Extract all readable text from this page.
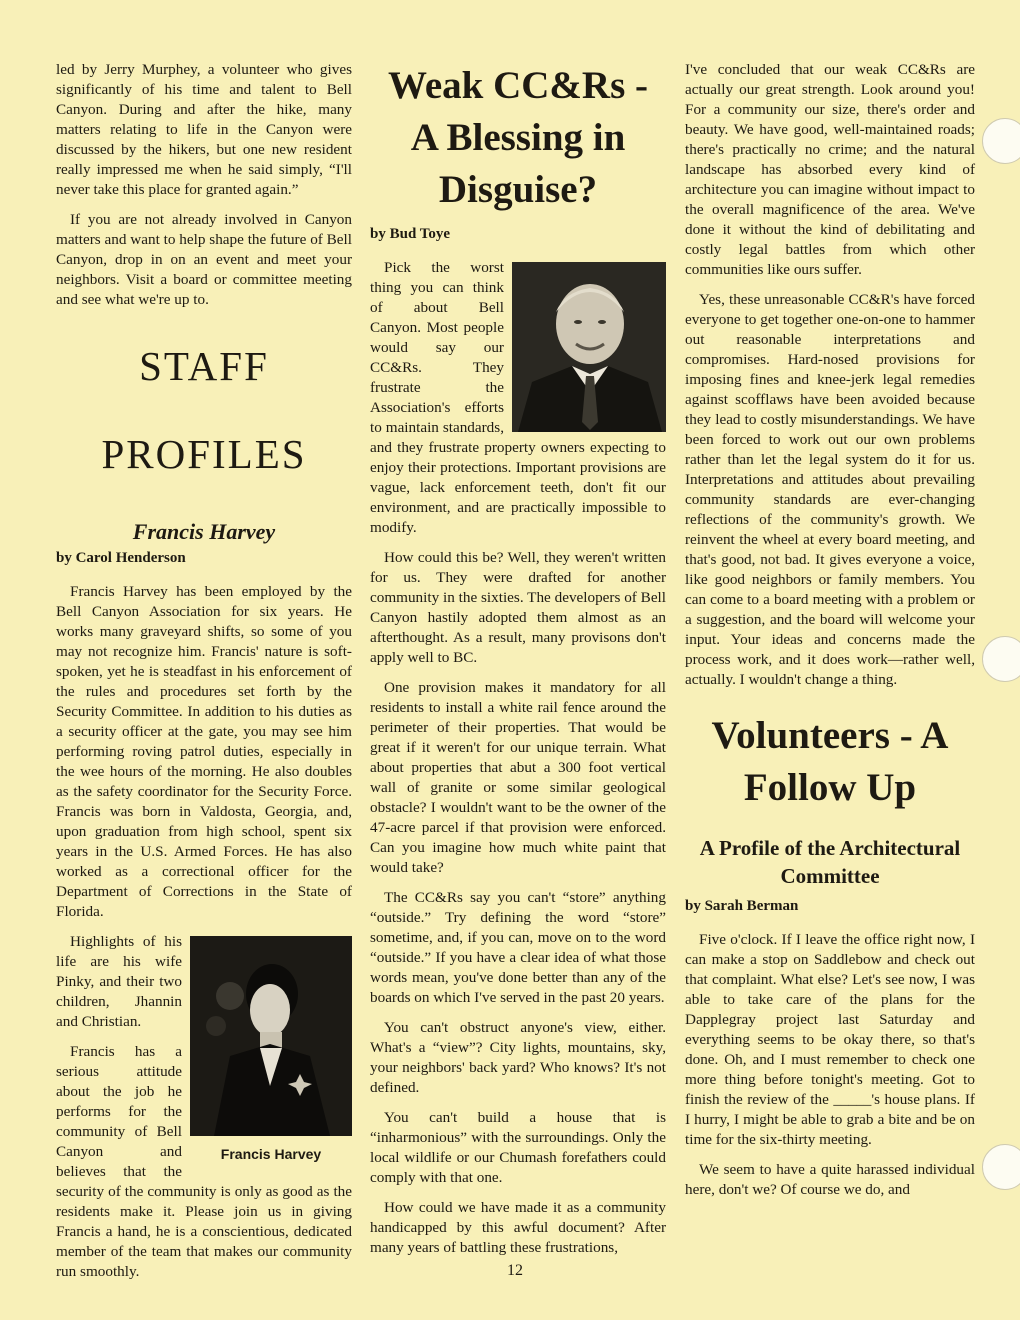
led by Jerry Murphey, a volunteer who gives significantly of his time and talent to Bell Canyon. During and after the hike, many matters relating to life in the Canyon were discussed by the hikers, but one new resident really impressed me when he said simply, “I'll never take this place for granted again.”

If you are not already involved in Canyon matters and want to help shape the future of Bell Canyon, drop in on an event and meet your neighbors. Visit a board or committee meeting and see what we're up to.

STAFF
PROFILES
Francis Harvey
by Carol Henderson

Francis Harvey has been employed by the Bell Canyon Association for six years. He works many graveyard shifts, so some of you may not recognize him. Francis' nature is soft-spoken, yet he is steadfast in his enforcement of the rules and procedures set forth by the Security Committee. In addition to his duties as a security officer at the gate, you may see him performing roving patrol duties, especially in the wee hours of the morning. He also doubles as the safety coordinator for the Security Force. Francis was born in Valdosta, Georgia, and, upon graduation from high school, spent six years in the U.S. Armed Forces. He has also worked as a correctional officer for the Department of Corrections in the State of Florida.

Francis Harvey

Highlights of his life are his wife Pinky, and their two children, Jhannin and Christian.

Francis has a serious attitude about the job he performs for the community of Bell Canyon and believes that the security of the community is only as good as the residents make it. Please join us in giving Francis a hand, he is a conscientious, dedicated member of the team that makes our community run smoothly.

Weak CC&Rs -
A Blessing in
Disguise?
by Bud Toye

Pick the worst thing you can think of about Bell Canyon. Most people would say our CC&Rs. They frustrate the Association's efforts to maintain standards, and they frustrate property owners expecting to enjoy their protections. Important provisions are vague, lack enforcement teeth, don't fit our environment, and are practically impossible to modify.

How could this be? Well, they weren't written for us. They were drafted for another community in the sixties. The developers of Bell Canyon hastily adopted them almost as an afterthought. As a result, many provisons don't apply well to BC.

One provision makes it mandatory for all residents to install a white rail fence around the perimeter of their properties. That would be great if it weren't for our unique terrain. What about properties that abut a 300 foot vertical wall of granite or some similar geological obstacle? I wouldn't want to be the owner of the 47-acre parcel if that provision were enforced. Can you imagine how much white paint that would take?

The CC&Rs say you can't “store” anything “outside.” Try defining the word “store” sometime, and, if you can, move on to the word “outside.” If you have a clear idea of what those words mean, you've done better than any of the boards on which I've served in the past 20 years.

You can't obstruct anyone's view, either. What's a “view”? City lights, mountains, sky, your neighbors' back yard? Who knows? It's not defined.

You can't build a house that is “inharmonious” with the surroundings. Only the local wildlife or our Chumash forefathers could comply with that one.

How could we have made it as a community handicapped by this awful document? After many years of battling these frustrations,

I've concluded that our weak CC&Rs are actually our great strength. Look around you! For a community our size, there's order and beauty. We have good, well-maintained roads; there's practically no crime; and the natural landscape has absorbed every kind of architecture you can imagine without impact to the overall magnificence of the area. We've done it without the kind of debilitating and costly legal battles from which other communities like ours suffer.

Yes, these unreasonable CC&R's have forced everyone to get together one-on-one to hammer out reasonable interpretations and compromises. Hard-nosed provisions for imposing fines and knee-jerk legal remedies against scofflaws have been avoided because they lead to costly misunderstandings. We have been forced to work out our own problems rather than let the legal system do it for us. Interpretations and attitudes about prevailing community standards are ever-changing reflections of the community's growth. We reinvent the wheel at every board meeting, and that's good, not bad. It gives everyone a voice, like good neighbors or family members. You can come to a board meeting with a problem or a suggestion, and the board will welcome your input. Your ideas and concerns made the process work, and it does work—rather well, actually. I wouldn't change a thing.

Volunteers - A
Follow Up
A Profile of the Architectural Committee
by Sarah Berman

Five o'clock. If I leave the office right now, I can make a stop on Saddlebow and check out that complaint. What else? Let's see now, I was able to take care of the plans for the Dapplegray project last Saturday and everything seems to be okay there, so that's done. Oh, and I must remember to check one more thing before tonight's meeting. Got to finish the review of the _____'s house plans. If I hurry, I might be able to grab a bite and be on time for the six-thirty meeting.

We seem to have a quite harassed individual here, don't we? Of course we do, and

12
